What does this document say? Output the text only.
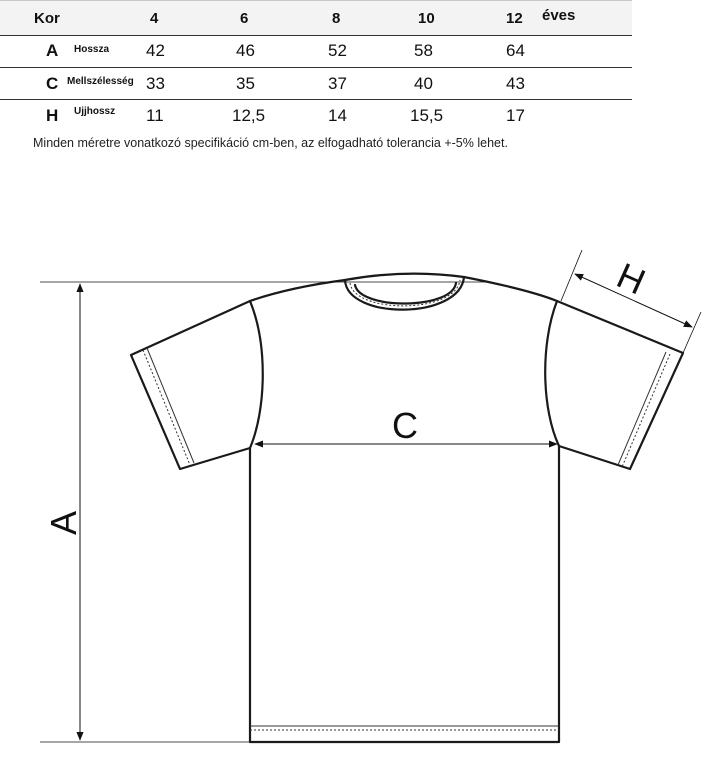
Kor	4	6	8	10	12 éves
A Hossza 42	46	52	58	64
C Mellszélesség 33	35	37	40	43
H Ujjhossz 11	12,5	14	15,5	17
Minden méretre vonatkozó specifikáció cm-ben, az elfogadható tolerancia +-5% lehet.
A
C
H
